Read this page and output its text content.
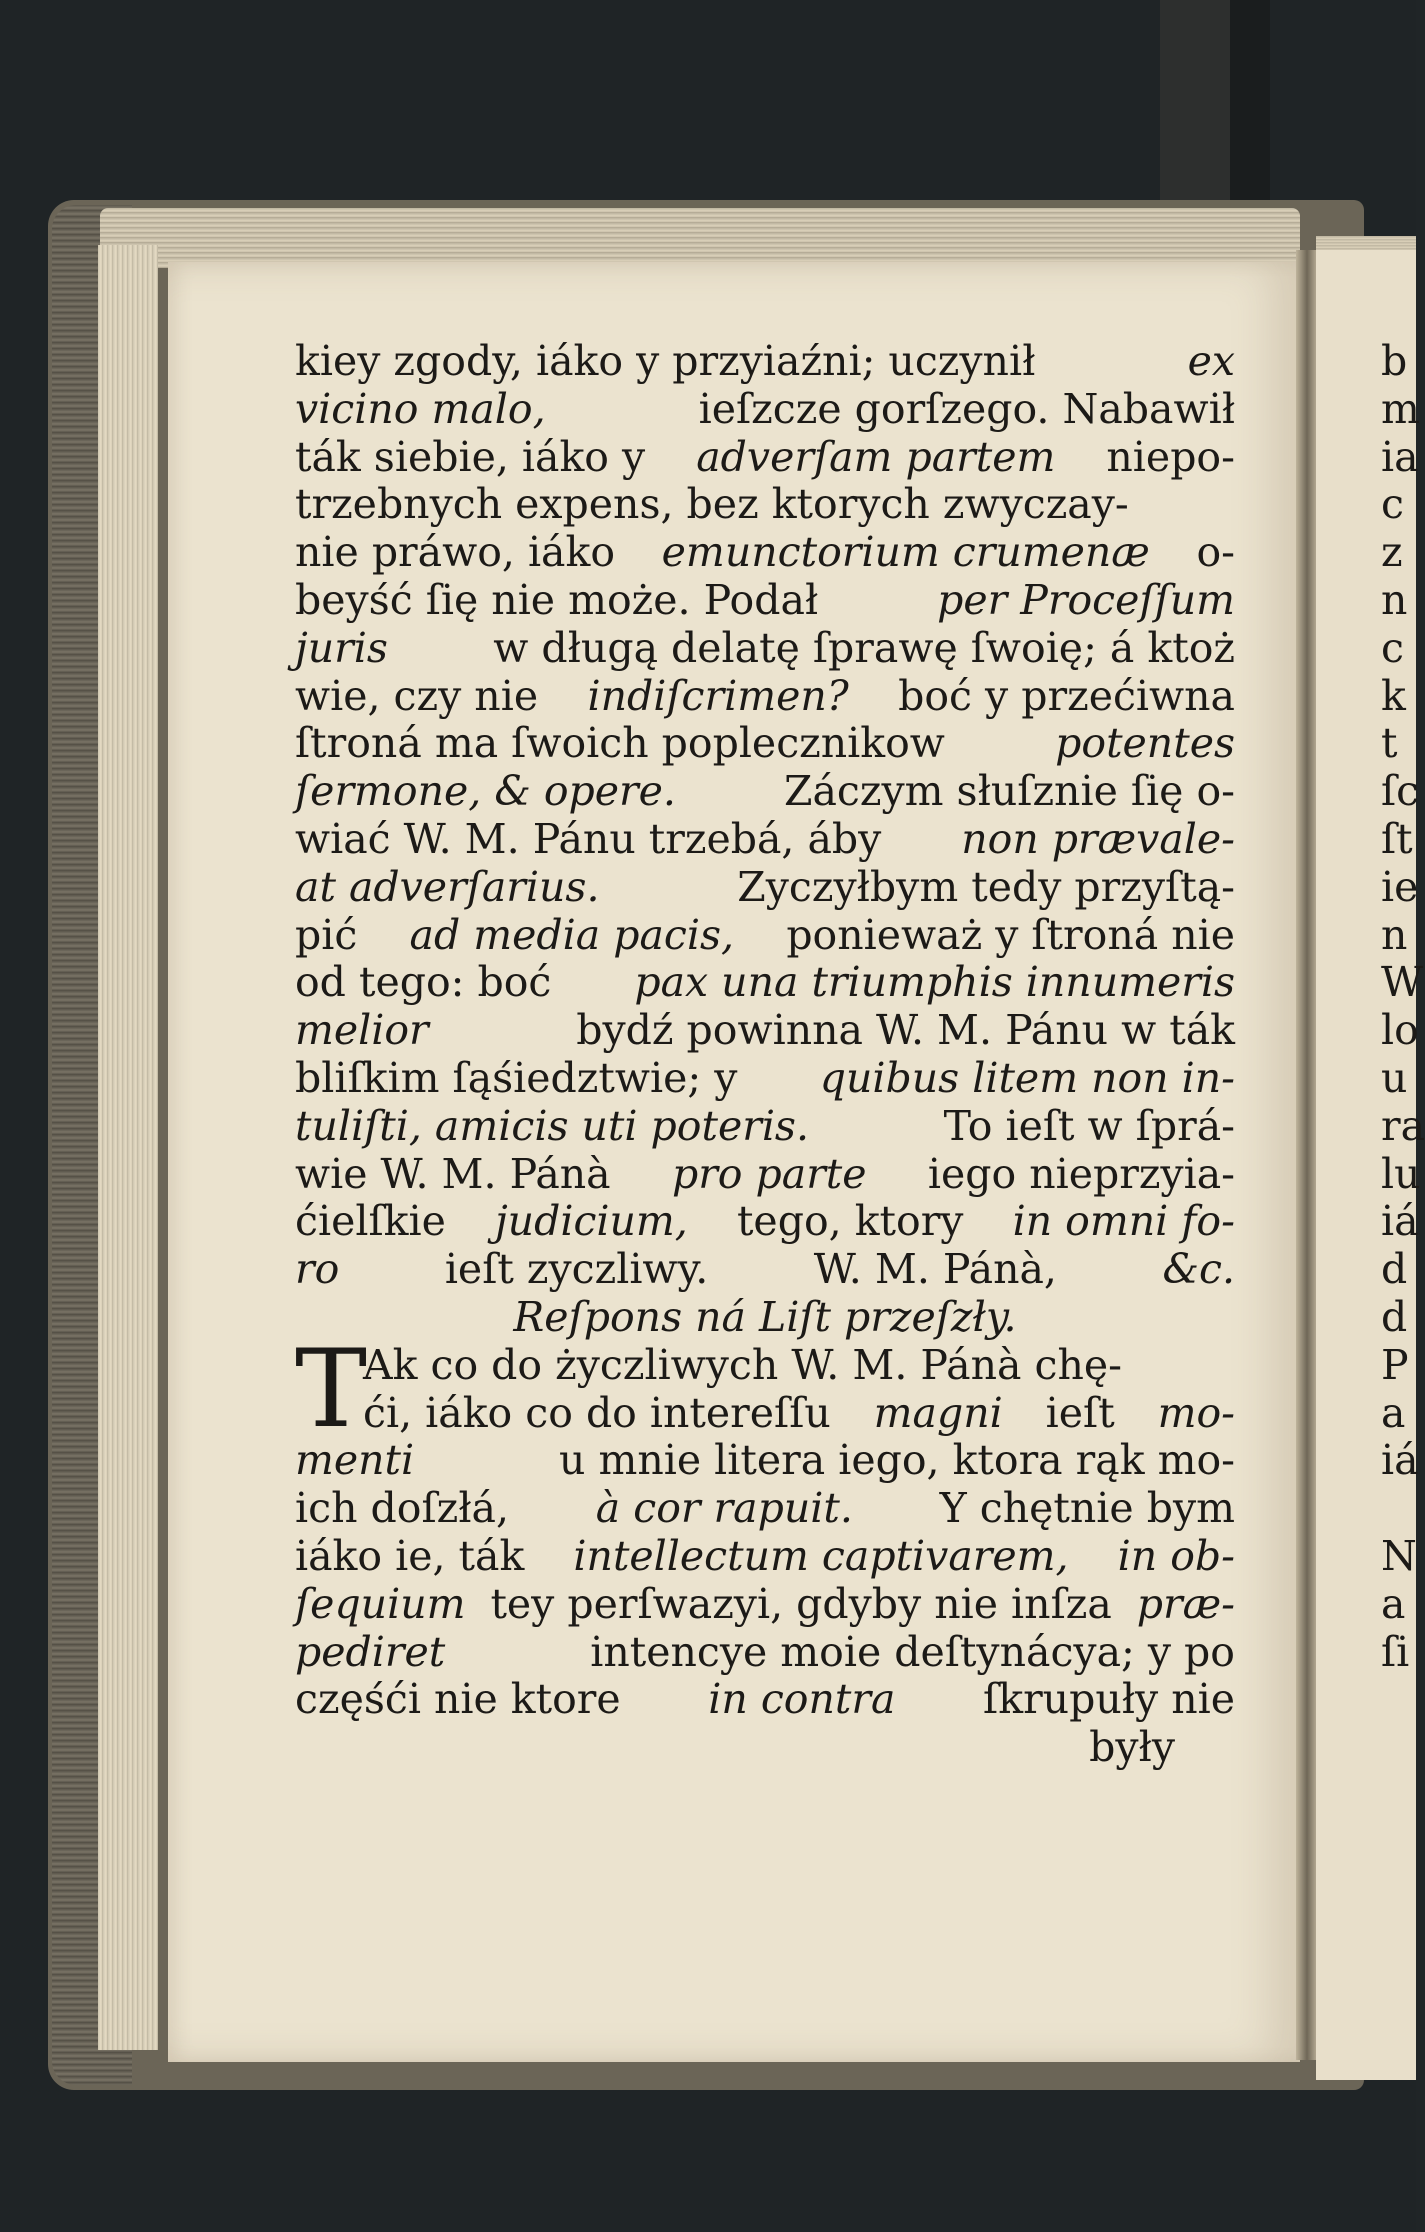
kiey zgody, iáko y przyiaźni; uczynił	ex
vicino malo,	ieſzcze gorſzego. Nabawił
ták siebie, iáko y adverſam partem niepo-
trzebnych expens, bez ktorych zwyczay-
nie práwo, iáko emunctorium crumenæ o-
beyść ſię nie może. Podał	per Proceſſum
juris	w długą delatę ſprawę ſwoię; á ktoż
wie, czy nie indiſcrimen? boć y przećiwna
ſtroná ma ſwoich poplecznikow	potentes
ſermone, & opere.	Záczym słuſznie ſię o-
wiać W. M. Pánu trzebá, áby non prævale-
at adverſarius.	Zyczyłbym tedy przyſtą-
pić ad media pacis, ponieważ y ſtroná nie
od tego: boć pax una triumphis innumeris
melior	bydź powinna W. M. Pánu w ták
bliſkim ſąśiedztwie; y quibus litem non in-
tuliſti, amicis uti poteris.	To ieſt w ſprá-
wie W. M. Pánà pro parte iego nieprzyia-
ćielſkie judicium, tego, ktory in omni fo-
ro	ieſt zyczliwy.	W. M. Pánà,	&c.
Reſpons ná Liſt przeſzły.
T
Ak co do życzliwych W. M. Pánà chę-
ći, iáko co do intereſſu magni ieſt mo-
menti	u mnie litera iego, ktora rąk mo-
ich doſzłá, à cor rapuit. Y chętnie bym
iáko ie, ták intellectum captivarem, in ob-
ſequium tey perſwazyi, gdyby nie inſza præ-
pediret	intencye moie deſtynácya; y po
częśći nie ktore in contra ſkrupuły nie
były
b
m
ia
c
z
n
c
k
t
ſc
ſt
ie
n
W
lo
u
ra
lu
iá
d
d
P
a
iá
N
a
ſi
